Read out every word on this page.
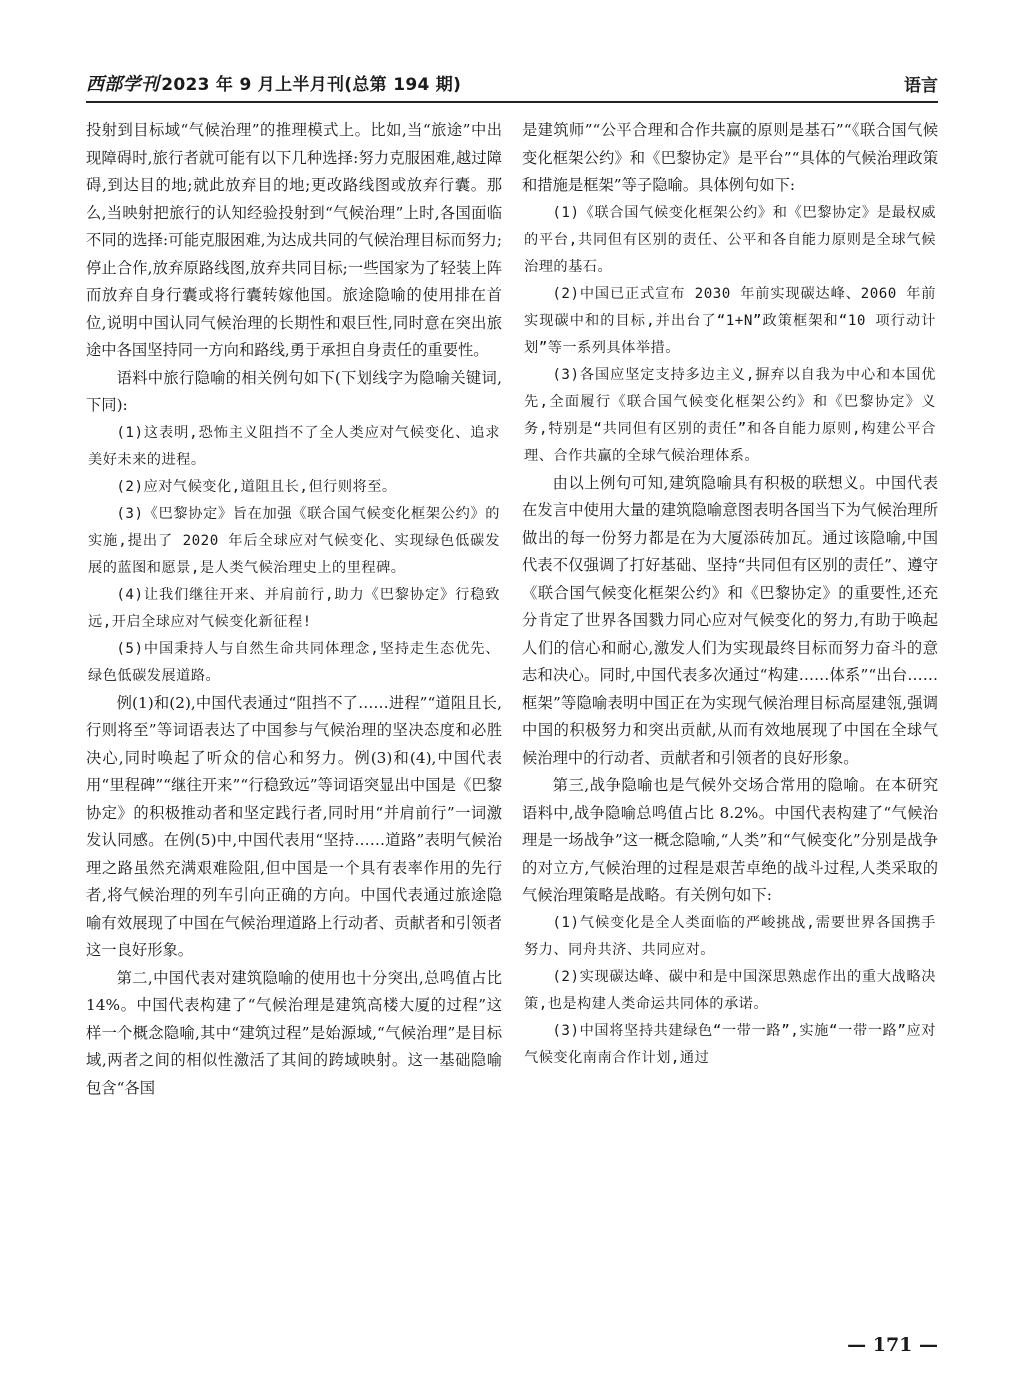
西部学刊 2023 年 9 月上半月刊(总第 194 期)	语言

投射到目标域“气候治理”的推理模式上。比如,当“旅途”中出现障碍时,旅行者就可能有以下几种选择:努力克服困难,越过障碍,到达目的地;就此放弃目的地;更改路线图或放弃行囊。那么,当映射把旅行的认知经验投射到“气候治理”上时,各国面临不同的选择:可能克服困难,为达成共同的气候治理目标而努力;停止合作,放弃原路线图,放弃共同目标;一些国家为了轻装上阵而放弃自身行囊或将行囊转嫁他国。旅途隐喻的使用排在首位,说明中国认同气候治理的长期性和艰巨性,同时意在突出旅途中各国坚持同一方向和路线,勇于承担自身责任的重要性。

语料中旅行隐喻的相关例句如下(下划线字为隐喻关键词,下同):

(1)这表明,恐怖主义阻挡不了全人类应对气候变化、追求美好未来的进程。

(2)应对气候变化,道阻且长,但行则将至。

(3)《巴黎协定》旨在加强《联合国气候变化框架公约》的实施,提出了 2020 年后全球应对气候变化、实现绿色低碳发展的蓝图和愿景,是人类气候治理史上的里程碑。

(4)让我们继往开来、并肩前行,助力《巴黎协定》行稳致远,开启全球应对气候变化新征程!

(5)中国秉持人与自然生命共同体理念,坚持走生态优先、绿色低碳发展道路。

例(1)和(2),中国代表通过“阻挡不了……进程”“道阻且长,行则将至”等词语表达了中国参与气候治理的坚决态度和必胜决心,同时唤起了听众的信心和努力。例(3)和(4),中国代表用“里程碑”“继往开来”“行稳致远”等词语突显出中国是《巴黎协定》的积极推动者和坚定践行者,同时用“并肩前行”一词激发认同感。在例(5)中,中国代表用“坚持……道路”表明气候治理之路虽然充满艰难险阻,但中国是一个具有表率作用的先行者,将气候治理的列车引向正确的方向。中国代表通过旅途隐喻有效展现了中国在气候治理道路上行动者、贡献者和引领者这一良好形象。

第二,中国代表对建筑隐喻的使用也十分突出,总鸣值占比 14%。中国代表构建了“气候治理是建筑高楼大厦的过程”这样一个概念隐喻,其中“建筑过程”是始源域,“气候治理”是目标域,两者之间的相似性激活了其间的跨域映射。这一基础隐喻包含“各国

是建筑师”“公平合理和合作共赢的原则是基石”“《联合国气候变化框架公约》和《巴黎协定》是平台”“具体的气候治理政策和措施是框架”等子隐喻。具体例句如下:

(1)《联合国气候变化框架公约》和《巴黎协定》是最权威的平台,共同但有区别的责任、公平和各自能力原则是全球气候治理的基石。

(2)中国已正式宣布 2030 年前实现碳达峰、2060 年前实现碳中和的目标,并出台了“1+N”政策框架和“10 项行动计划”等一系列具体举措。

(3)各国应坚定支持多边主义,摒弃以自我为中心和本国优先,全面履行《联合国气候变化框架公约》和《巴黎协定》义务,特别是“共同但有区别的责任”和各自能力原则,构建公平合理、合作共赢的全球气候治理体系。

由以上例句可知,建筑隐喻具有积极的联想义。中国代表在发言中使用大量的建筑隐喻意图表明各国当下为气候治理所做出的每一份努力都是在为大厦添砖加瓦。通过该隐喻,中国代表不仅强调了打好基础、坚持“共同但有区别的责任”、遵守《联合国气候变化框架公约》和《巴黎协定》的重要性,还充分肯定了世界各国戮力同心应对气候变化的努力,有助于唤起人们的信心和耐心,激发人们为实现最终目标而努力奋斗的意志和决心。同时,中国代表多次通过“构建……体系”“出台……框架”等隐喻表明中国正在为实现气候治理目标高屋建瓴,强调中国的积极努力和突出贡献,从而有效地展现了中国在全球气候治理中的行动者、贡献者和引领者的良好形象。

第三,战争隐喻也是气候外交场合常用的隐喻。在本研究语料中,战争隐喻总鸣值占比 8.2%。中国代表构建了“气候治理是一场战争”这一概念隐喻,“人类”和“气候变化”分别是战争的对立方,气候治理的过程是艰苦卓绝的战斗过程,人类采取的气候治理策略是战略。有关例句如下:

(1)气候变化是全人类面临的严峻挑战,需要世界各国携手努力、同舟共济、共同应对。

(2)实现碳达峰、碳中和是中国深思熟虑作出的重大战略决策,也是构建人类命运共同体的承诺。

(3)中国将坚持共建绿色“一带一路”,实施“一带一路”应对气候变化南南合作计划,通过

— 171 —
